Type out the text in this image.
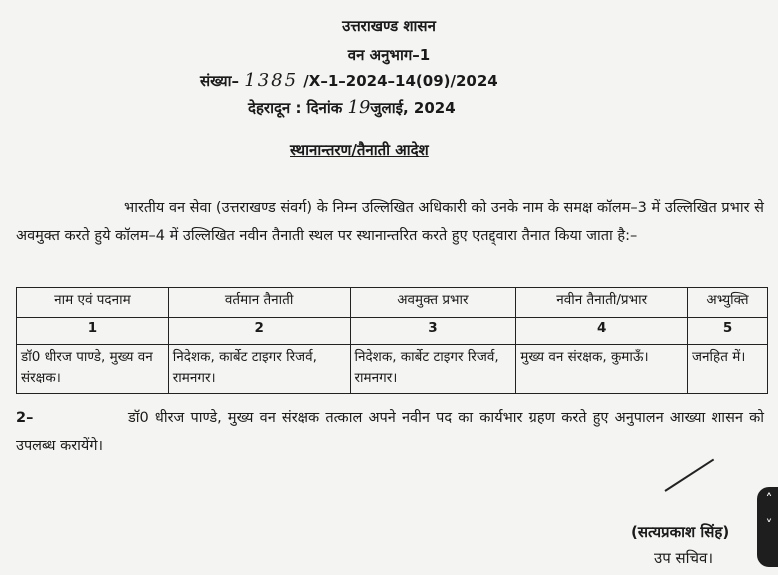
उत्तराखण्ड शासन
वन अनुभाग–1
संख्या– 1385 /X–1–2024–14(09)/2024
देहरादून : दिनांक 19जुलाई, 2024
स्थानान्तरण/तैनाती आदेश
भारतीय वन सेवा (उत्तराखण्ड संवर्ग) के निम्न उल्लिखित अधिकारी को उनके नाम के समक्ष कॉलम–3 में उल्लिखित प्रभार से अवमुक्त करते हुये कॉलम–4 में उल्लिखित नवीन तैनाती स्थल पर स्थानान्तरित करते हुए एतद्द्वारा तैनात किया जाता है:–
नाम एवं पदनाम	वर्तमान तैनाती	अवमुक्त प्रभार	नवीन तैनाती/प्रभार	अभ्युक्ति
1	2	3	4	5
डॉ0 धीरज पाण्डे, मुख्य वन संरक्षक।	निदेशक, कार्बेट टाइगर रिजर्व, रामनगर।	निदेशक, कार्बेट टाइगर रिजर्व, रामनगर।	मुख्य वन संरक्षक, कुमाऊँ।	जनहित में।
2–	डॉ0 धीरज पाण्डे, मुख्य वन संरक्षक तत्काल अपने नवीन पद का कार्यभार ग्रहण करते हुए अनुपालन आख्या शासन को उपलब्ध करायेंगे।
(सत्यप्रकाश सिंह)
उप सचिव।
˄
˅
